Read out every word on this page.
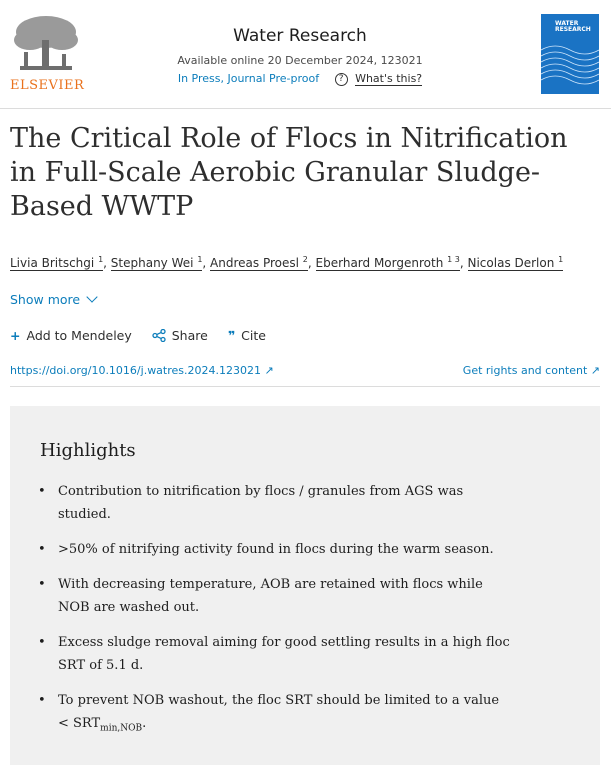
ELSEVIER
Water Research
Available online 20 December 2024, 123021
In Press, Journal Pre-proof ? What's this?
WATER RESEARCH
The Critical Role of Flocs in Nitrification in Full-Scale Aerobic Granular Sludge-Based WWTP
Livia Britschgi $^1$, Stephany Wei $^1$, Andreas Proesl $^2$, Eberhard Morgenroth $^{1 3}$, Nicolas Derlon $^1$
Show more
+ Add to Mendeley	Share ❞ Cite
https://doi.org/10.1016/j.watres.2024.123021 ↗	Get rights and content ↗
Highlights
• Contribution to nitrification by flocs / granules from AGS was studied.
• >50% of nitrifying activity found in flocs during the warm season.
• With decreasing temperature, AOB are retained with flocs while NOB are washed out.
• Excess sludge removal aiming for good settling results in a high floc SRT of 5.1 d.
• To prevent NOB washout, the floc SRT should be limited to a value < $SRT_{min,NOB}$.
